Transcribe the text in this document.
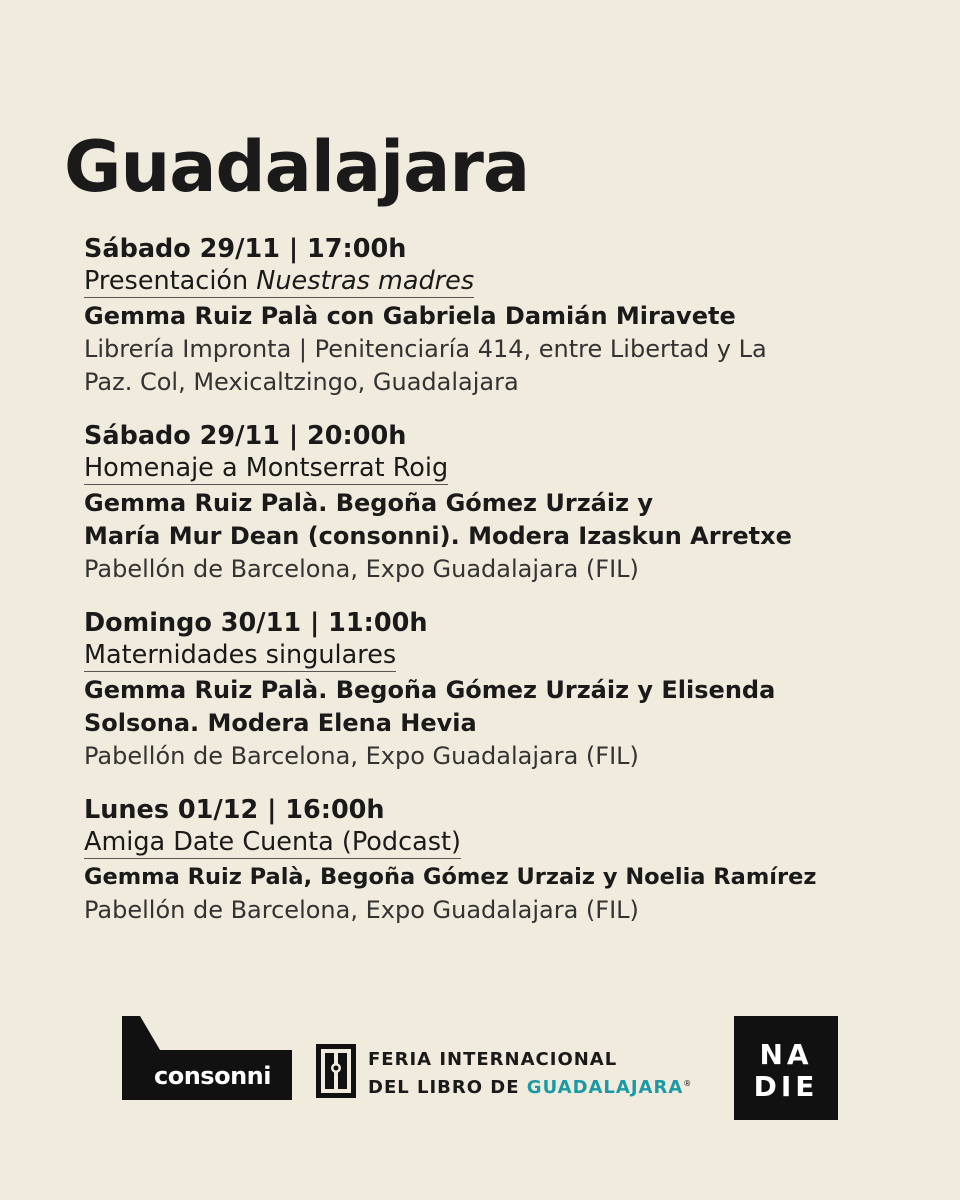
Guadalajara
Sábado 29/11 | 17:00h
Presentación Nuestras madres
Gemma Ruiz Palà con Gabriela Damián Miravete
Librería Impronta | Penitenciaría 414, entre Libertad y La
Paz. Col, Mexicaltzingo, Guadalajara
Sábado 29/11 | 20:00h
Homenaje a Montserrat Roig
Gemma Ruiz Palà. Begoña Gómez Urzáiz y
María Mur Dean (consonni). Modera Izaskun Arretxe
Pabellón de Barcelona, Expo Guadalajara (FIL)
Domingo 30/11 | 11:00h
Maternidades singulares
Gemma Ruiz Palà. Begoña Gómez Urzáiz y Elisenda
Solsona. Modera Elena Hevia
Pabellón de Barcelona, Expo Guadalajara (FIL)
Lunes 01/12 | 16:00h
Amiga Date Cuenta (Podcast)
Gemma Ruiz Palà, Begoña Gómez Urzaiz y Noelia Ramírez
Pabellón de Barcelona, Expo Guadalajara (FIL)
consonni
FERIA INTERNACIONAL
DEL LIBRO DE GUADALAJARA®
NA
DIE
